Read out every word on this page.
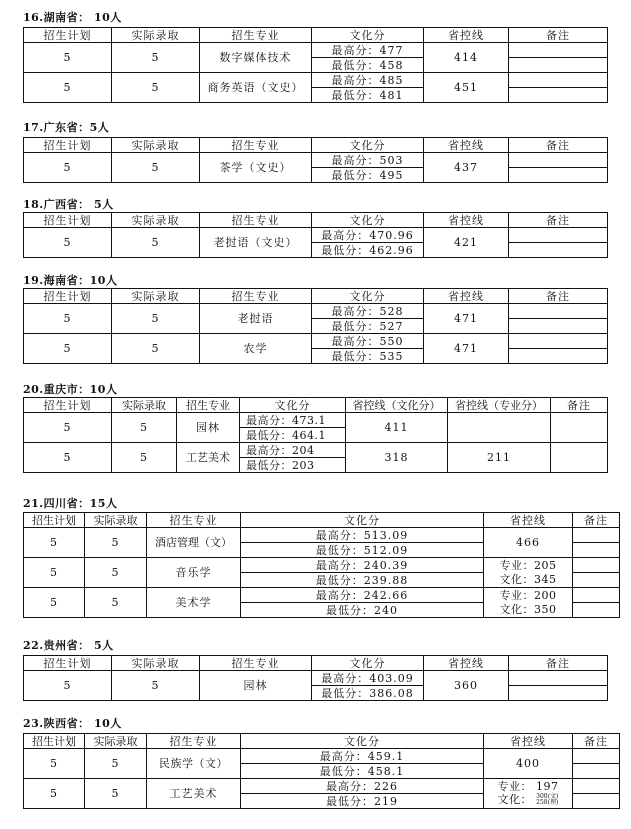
16.湖南省： 10人
招生计划	实际录取	招生专业	文化分	省控线	备注
5	5	数字媒体技术	最高分：477	414	

			最低分：458		
5	5	商务英语（文史）	最高分：485	451	

			最低分：481		
17.广东省：5人
招生计划	实际录取	招生专业	文化分	省控线	备注
5	5	茶学（文史）	最高分：503	437	

			最低分：495		
18.广西省： 5人
招生计划	实际录取	招生专业	文化分	省控线	备注
5	5	老挝语（文史）	最高分：470.96	421	

			最低分：462.96		
19.海南省：10人
招生计划	实际录取	招生专业	文化分	省控线	备注
5	5	老挝语	最高分：528	471	

			最低分：527		
5	5	农学	最高分：550	471	

			最低分：535		
20.重庆市：10人
招生计划	实际录取	招生专业	文化分	省控线（文化分）	省控线（专业分）	备注
5	5	园林	最高分：473.1	411		
			最低分：464.1			
5	5	工艺美术	最高分：204	318	211	
			最低分：203			
21.四川省：15人
招生计划	实际录取	招生专业	文化分	省控线	备注
5	5	酒店管理（文）	最高分：513.09	466	

			最低分：512.09		
5	5	音乐学	最高分：240.39	专业：205
文化：345	

			最低分：239.88		
5	5	美术学	最高分：242.66	专业：200
文化：350	

			最低分：240		
22.贵州省： 5人
招生计划	实际录取	招生专业	文化分	省控线	备注
5	5	园林	最高分：403.09	360	

			最低分：386.08		
23.陕西省： 10人
招生计划	实际录取	招生专业	文化分	省控线	备注
5	5	民族学（文）	最高分：459.1	400	

			最低分：458.1		
5	5	工艺美术	最高分：226	专业： 197
文化： 300(文)
258(理)	

			最低分：219		
